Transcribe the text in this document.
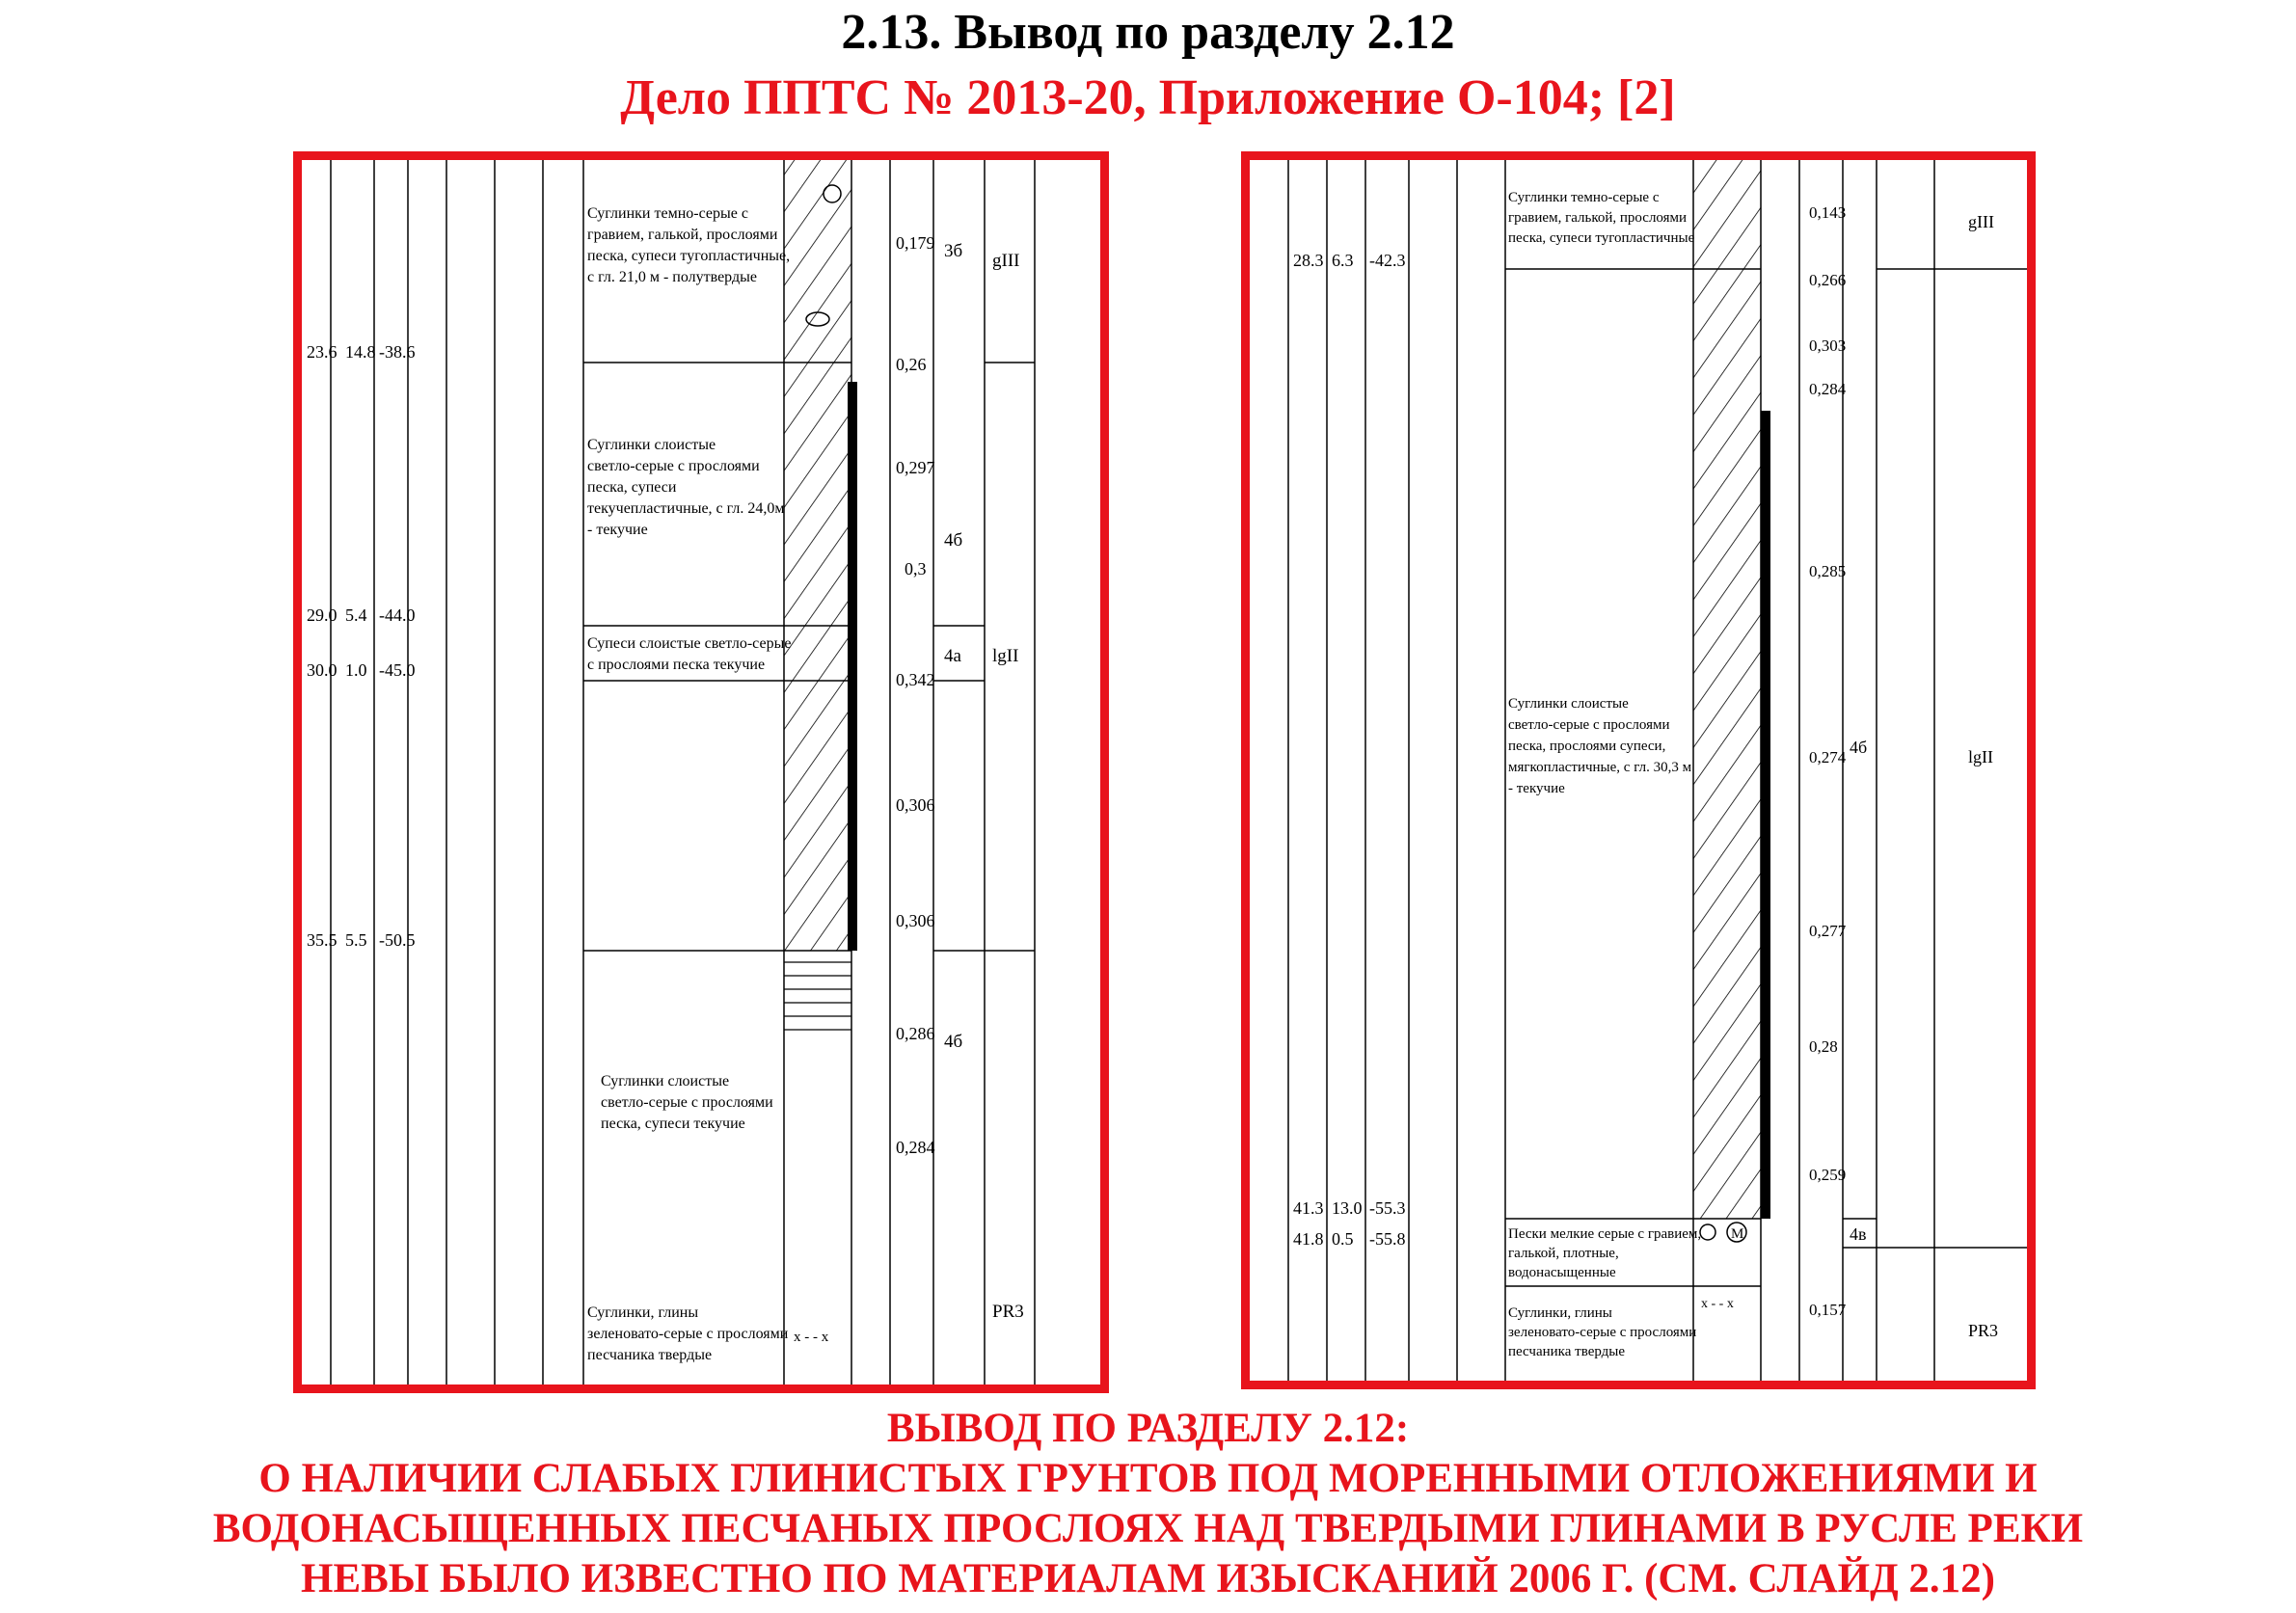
2.13. Вывод по разделу 2.12
Дело ППТС № 2013-20, Приложение О-104; [2]
23.6 14.8 -38.6
29.0 5.4 -44.0
30.0 1.0 -45.0
35.5 5.5 -50.5
Суглинки темно-серые с
гравием, галькой, прослоями
песка, супеси тугопластичные,
с гл. 21,0 м - полутвердые
Суглинки слоистые
светло-серые с прослоями
песка, супеси
текучепластичные, с гл. 24,0м
- текучие
Супеси слоистые светло-серые
с прослоями песка текучие
Суглинки слоистые
светло-серые с прослоями
песка, супеси текучие
Суглинки, глины
зеленовато-серые с прослоями
песчаника твердые
x - - x
0,179
0,26
0,297
0,3
0,342
0,306
0,306
0,286
0,284
3б
4б
4а
4б
gIII
lgII
PR3
28.3 6.3 -42.3
41.3 13.0 -55.3
41.8 0.5 -55.8
Суглинки темно-серые с
гравием, галькой, прослоями
песка, супеси тугопластичные
Суглинки слоистые
светло-серые с прослоями
песка, прослоями супеси,
мягкопластичные, с гл. 30,3 м
- текучие
Пески мелкие серые с гравием,
галькой, плотные,
водонасыщенные
Суглинки, глины
зеленовато-серые с прослоями
песчаника твердые
x - - x
M
0,143
0,266
0,303
0,284
0,285
0,274
0,277
0,28
0,259
0,157
4б
4в
gIII
lgII
PR3
ВЫВОД ПО РАЗДЕЛУ 2.12:
О НАЛИЧИИ СЛАБЫХ ГЛИНИСТЫХ ГРУНТОВ ПОД МОРЕННЫМИ ОТЛОЖЕНИЯМИ И
ВОДОНАСЫЩЕННЫХ ПЕСЧАНЫХ ПРОСЛОЯХ НАД ТВЕРДЫМИ ГЛИНАМИ В РУСЛЕ РЕКИ
НЕВЫ БЫЛО ИЗВЕСТНО ПО МАТЕРИАЛАМ ИЗЫСКАНИЙ 2006 Г. (СМ. СЛАЙД 2.12)
